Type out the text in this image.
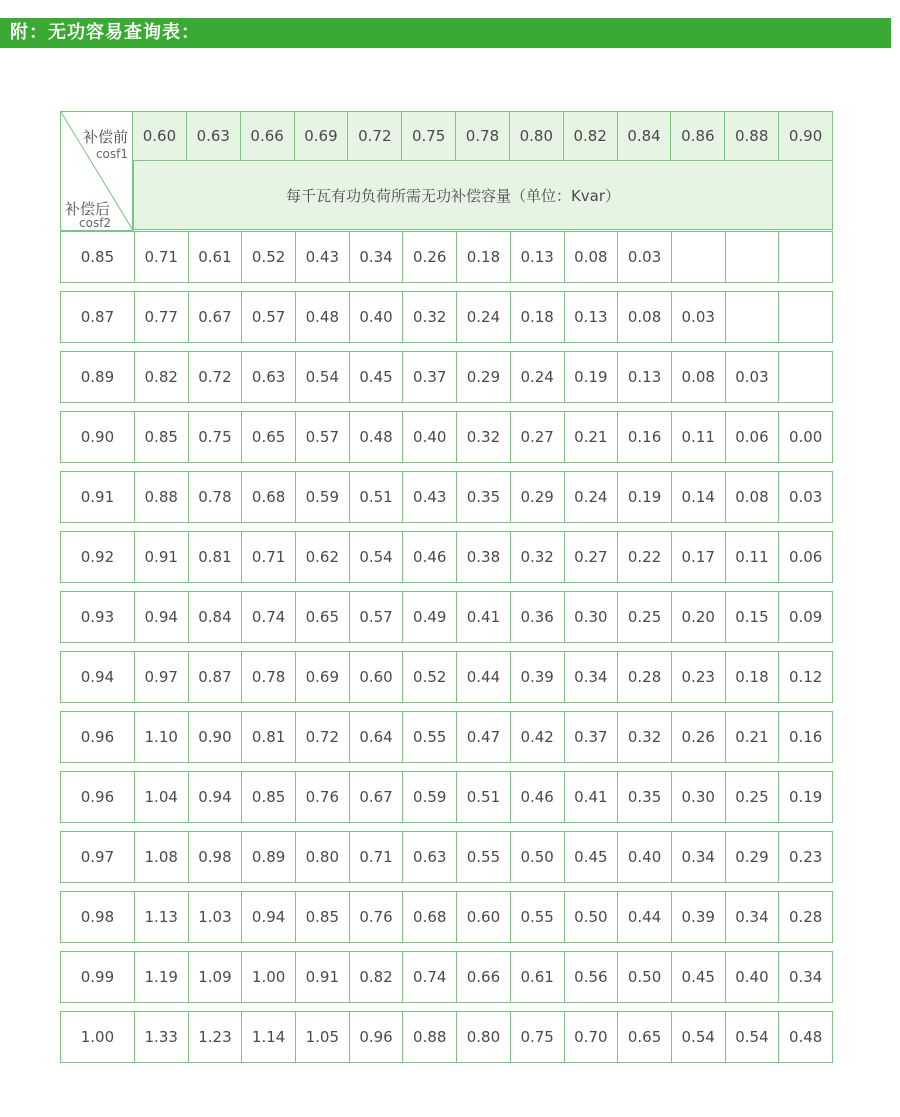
附：无功容易查询表：
补偿前
cosf1
补偿后
cosf2
0.60	0.63	0.66	0.69	0.72	0.75	0.78	0.80	0.82	0.84	0.86	0.88	0.90
每千瓦有功负荷所需无功补偿容量（单位：Kvar）
0.85	0.71	0.61	0.52	0.43	0.34	0.26	0.18	0.13	0.08	0.03
0.87	0.77	0.67	0.57	0.48	0.40	0.32	0.24	0.18	0.13	0.08	0.03
0.89	0.82	0.72	0.63	0.54	0.45	0.37	0.29	0.24	0.19	0.13	0.08	0.03
0.90	0.85	0.75	0.65	0.57	0.48	0.40	0.32	0.27	0.21	0.16	0.11	0.06	0.00
0.91	0.88	0.78	0.68	0.59	0.51	0.43	0.35	0.29	0.24	0.19	0.14	0.08	0.03
0.92	0.91	0.81	0.71	0.62	0.54	0.46	0.38	0.32	0.27	0.22	0.17	0.11	0.06
0.93	0.94	0.84	0.74	0.65	0.57	0.49	0.41	0.36	0.30	0.25	0.20	0.15	0.09
0.94	0.97	0.87	0.78	0.69	0.60	0.52	0.44	0.39	0.34	0.28	0.23	0.18	0.12
0.96	1.10	0.90	0.81	0.72	0.64	0.55	0.47	0.42	0.37	0.32	0.26	0.21	0.16
0.96	1.04	0.94	0.85	0.76	0.67	0.59	0.51	0.46	0.41	0.35	0.30	0.25	0.19
0.97	1.08	0.98	0.89	0.80	0.71	0.63	0.55	0.50	0.45	0.40	0.34	0.29	0.23
0.98	1.13	1.03	0.94	0.85	0.76	0.68	0.60	0.55	0.50	0.44	0.39	0.34	0.28
0.99	1.19	1.09	1.00	0.91	0.82	0.74	0.66	0.61	0.56	0.50	0.45	0.40	0.34
1.00	1.33	1.23	1.14	1.05	0.96	0.88	0.80	0.75	0.70	0.65	0.54	0.54	0.48
